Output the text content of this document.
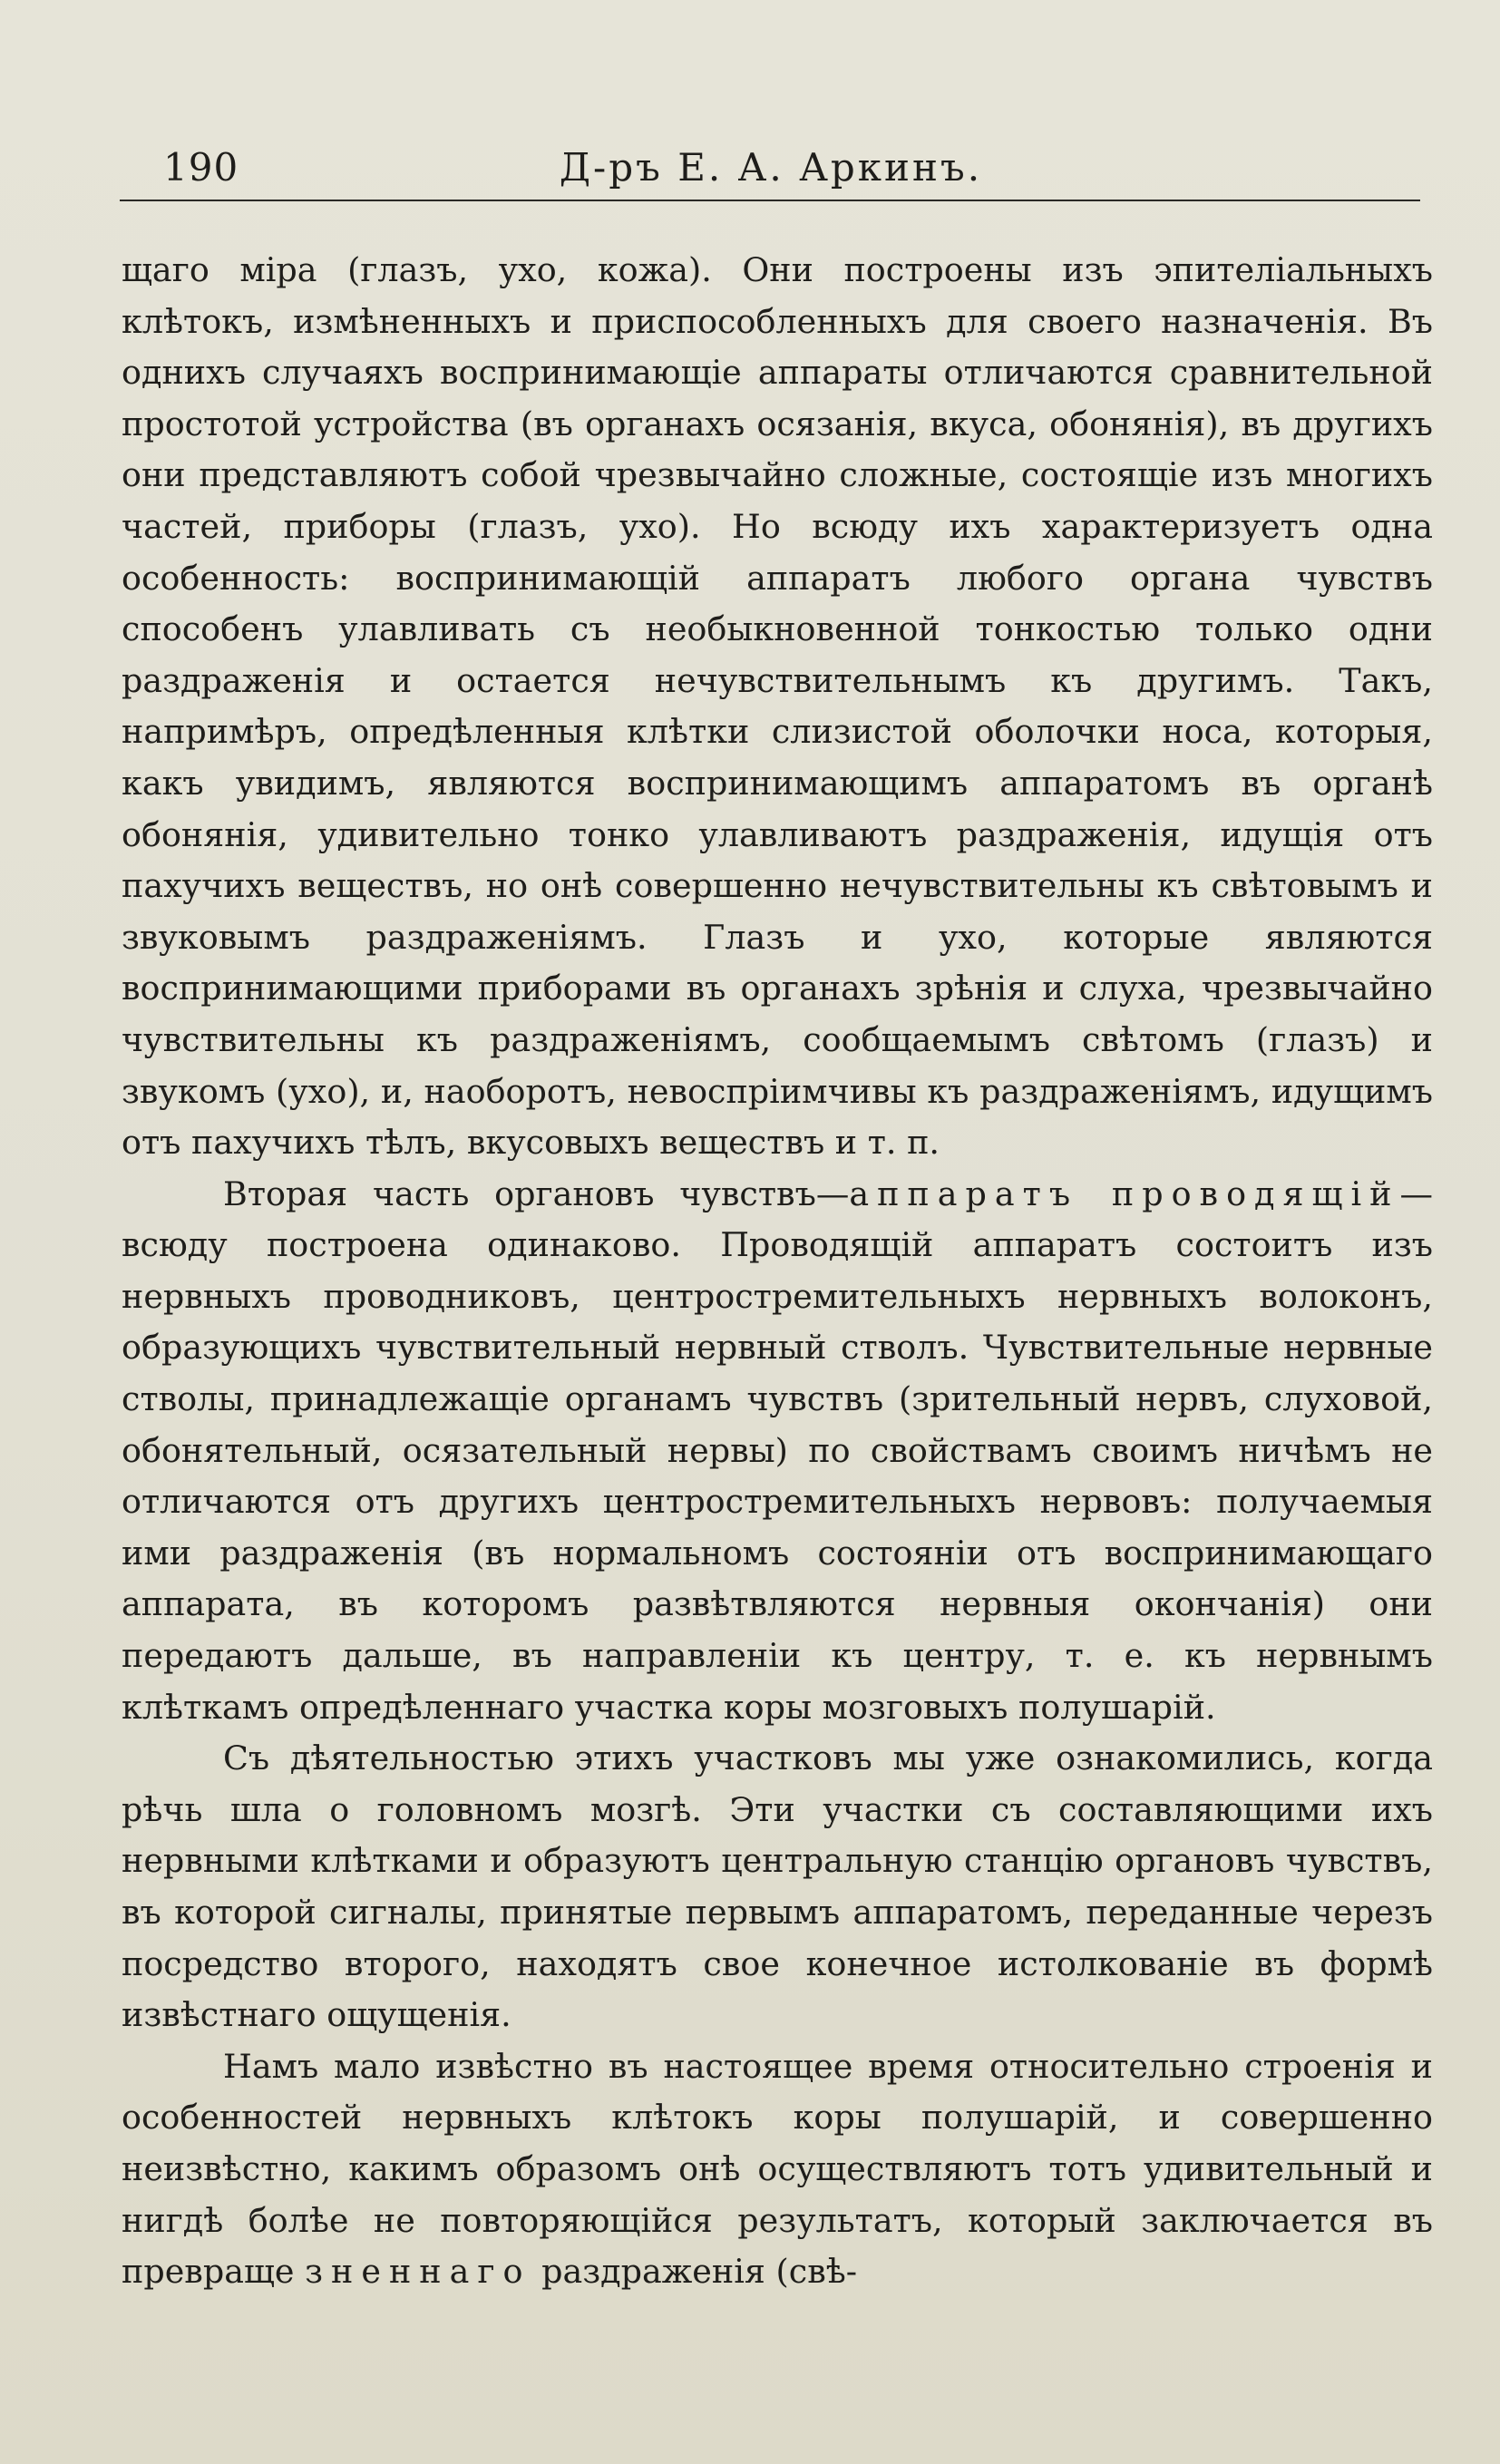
190	Д-ръ Е. А. Аркинъ.

щаго міра (глазъ, ухо, кожа). Они построены изъ эпителіальныхъ клѣтокъ, измѣненныхъ и приспособленныхъ для своего назначенія. Въ однихъ случаяхъ воспринимающіе аппараты отличаются сравнительной простотой устройства (въ органахъ осязанія, вкуса, обонянія), въ другихъ они представляютъ собой чрезвычайно сложные, состоящіе изъ многихъ частей, приборы (глазъ, ухо). Но всюду ихъ характеризуетъ одна особенность: воспринимающій аппаратъ любого органа чувствъ способенъ улавливать съ необыкновенной тонкостью только одни раздраженія и остается нечувствительнымъ къ другимъ. Такъ, напримѣръ, опредѣленныя клѣтки слизистой оболочки носа, которыя, какъ увидимъ, являются воспринимающимъ аппаратомъ въ органѣ обонянія, удивительно тонко улавливаютъ раздраженія, идущія отъ пахучихъ веществъ, но онѣ совершенно нечувствительны къ свѣтовымъ и звуковымъ раздраженіямъ. Глазъ и ухо, которые являются воспринимающими приборами въ органахъ зрѣнія и слуха, чрезвычайно чувствительны къ раздраженіямъ, сообщаемымъ свѣтомъ (глазъ) и звукомъ (ухо), и, наоборотъ, невоспріимчивы къ раздраженіямъ, идущимъ отъ пахучихъ тѣлъ, вкусовыхъ веществъ и т. п.

Вторая часть органовъ чувствъ—аппаратъ проводящій—всюду построена одинаково. Проводящій аппаратъ состоитъ изъ нервныхъ проводниковъ, центростремительныхъ нервныхъ волоконъ, образующихъ чувствительный нервный стволъ. Чувствительные нервные стволы, принадлежащіе органамъ чувствъ (зрительный нервъ, слуховой, обонятельный, осязательный нервы) по свойствамъ своимъ ничѣмъ не отличаются отъ другихъ центростремительныхъ нервовъ: получаемыя ими раздраженія (въ нормальномъ состояніи отъ воспринимающаго аппарата, въ которомъ развѣтвляются нервныя окончанія) они передаютъ дальше, въ направленіи къ центру, т. е. къ нервнымъ клѣткамъ опредѣленнаго участка коры мозговыхъ полушарій.

Съ дѣятельностью этихъ участковъ мы уже ознакомились, когда рѣчь шла о головномъ мозгѣ. Эти участки съ составляющими ихъ нервными клѣтками и образуютъ центральную станцію органовъ чувствъ, въ которой сигналы, принятые первымъ аппаратомъ, переданные черезъ посредство второго, находятъ свое конечное истолкованіе въ формѣ извѣстнаго ощущенія.

Намъ мало извѣстно въ настоящее время относительно строенія и особенностей нервныхъ клѣтокъ коры полушарій, и совершенно неизвѣстно, какимъ образомъ онѣ осуществляютъ тотъ удивительный и нигдѣ болѣе не повторяющійся результатъ, который заключается въ превраще зненнаго раздраженія (свѣ-
